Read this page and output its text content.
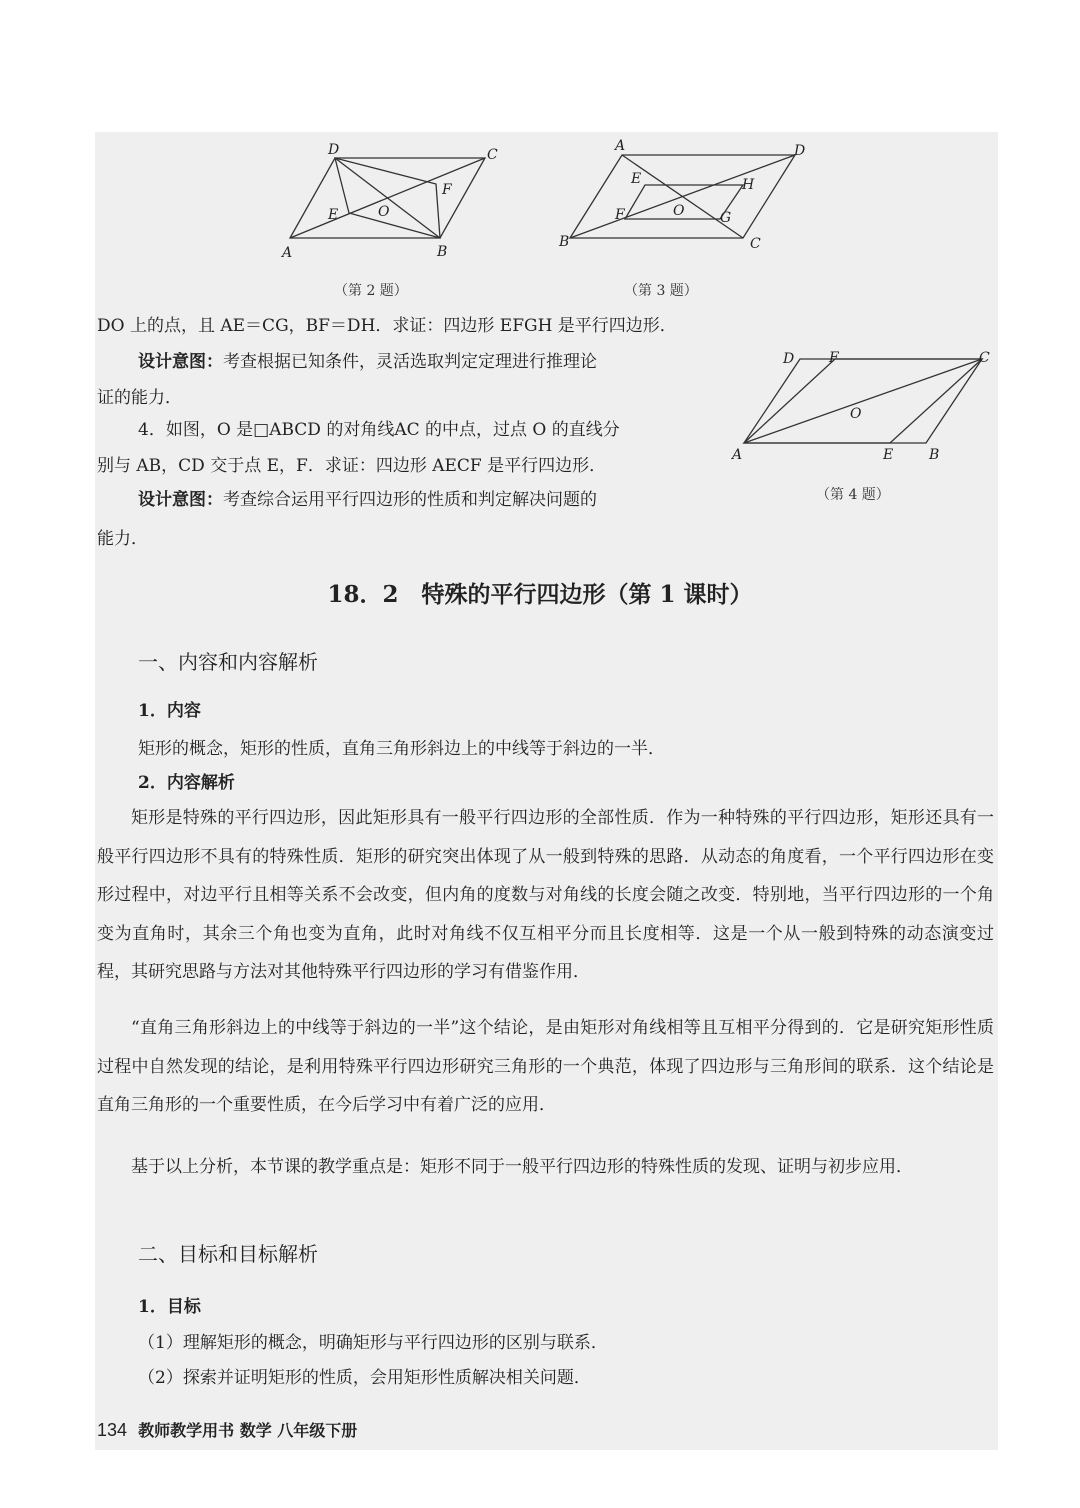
D	C
A	B
E	O
F
（第 2 题）
A	D
B	C
E	H
F	O	G
（第 3 题）
DO 上的点，且 AE＝CG，BF＝DH．求证：四边形 EFGH 是平行四边形．
设计意图：考查根据已知条件，灵活选取判定定理进行推理论
证的能力．
D F	C
O
A	E	B
（第 4 题）
4．如图，O 是□ABCD 的对角线AC 的中点，过点 O 的直线分
别与 AB，CD 交于点 E，F．求证：四边形 AECF 是平行四边形．
设计意图：考查综合运用平行四边形的性质和判定解决问题的
能力．
18．2　特殊的平行四边形（第 1 课时）
一、内容和内容解析
1．内容
矩形的概念，矩形的性质，直角三角形斜边上的中线等于斜边的一半．
2．内容解析
矩形是特殊的平行四边形，因此矩形具有一般平行四边形的全部性质．作为一种特殊的平行四边形，矩形还具有一般平行四边形不具有的特殊性质．矩形的研究突出体现了从一般到特殊的思路．从动态的角度看，一个平行四边形在变形过程中，对边平行且相等关系不会改变，但内角的度数与对角线的长度会随之改变．特别地，当平行四边形的一个角变为直角时，其余三个角也变为直角，此时对角线不仅互相平分而且长度相等．这是一个从一般到特殊的动态演变过程，其研究思路与方法对其他特殊平行四边形的学习有借鉴作用．
“直角三角形斜边上的中线等于斜边的一半”这个结论，是由矩形对角线相等且互相平分得到的．它是研究矩形性质过程中自然发现的结论，是利用特殊平行四边形研究三角形的一个典范，体现了四边形与三角形间的联系．这个结论是直角三角形的一个重要性质，在今后学习中有着广泛的应用．
基于以上分析，本节课的教学重点是：矩形不同于一般平行四边形的特殊性质的发现、证明与初步应用．
二、目标和目标解析
1．目标
（1）理解矩形的概念，明确矩形与平行四边形的区别与联系．
（2）探索并证明矩形的性质，会用矩形性质解决相关问题．
134 教师教学用书 数学 八年级下册
